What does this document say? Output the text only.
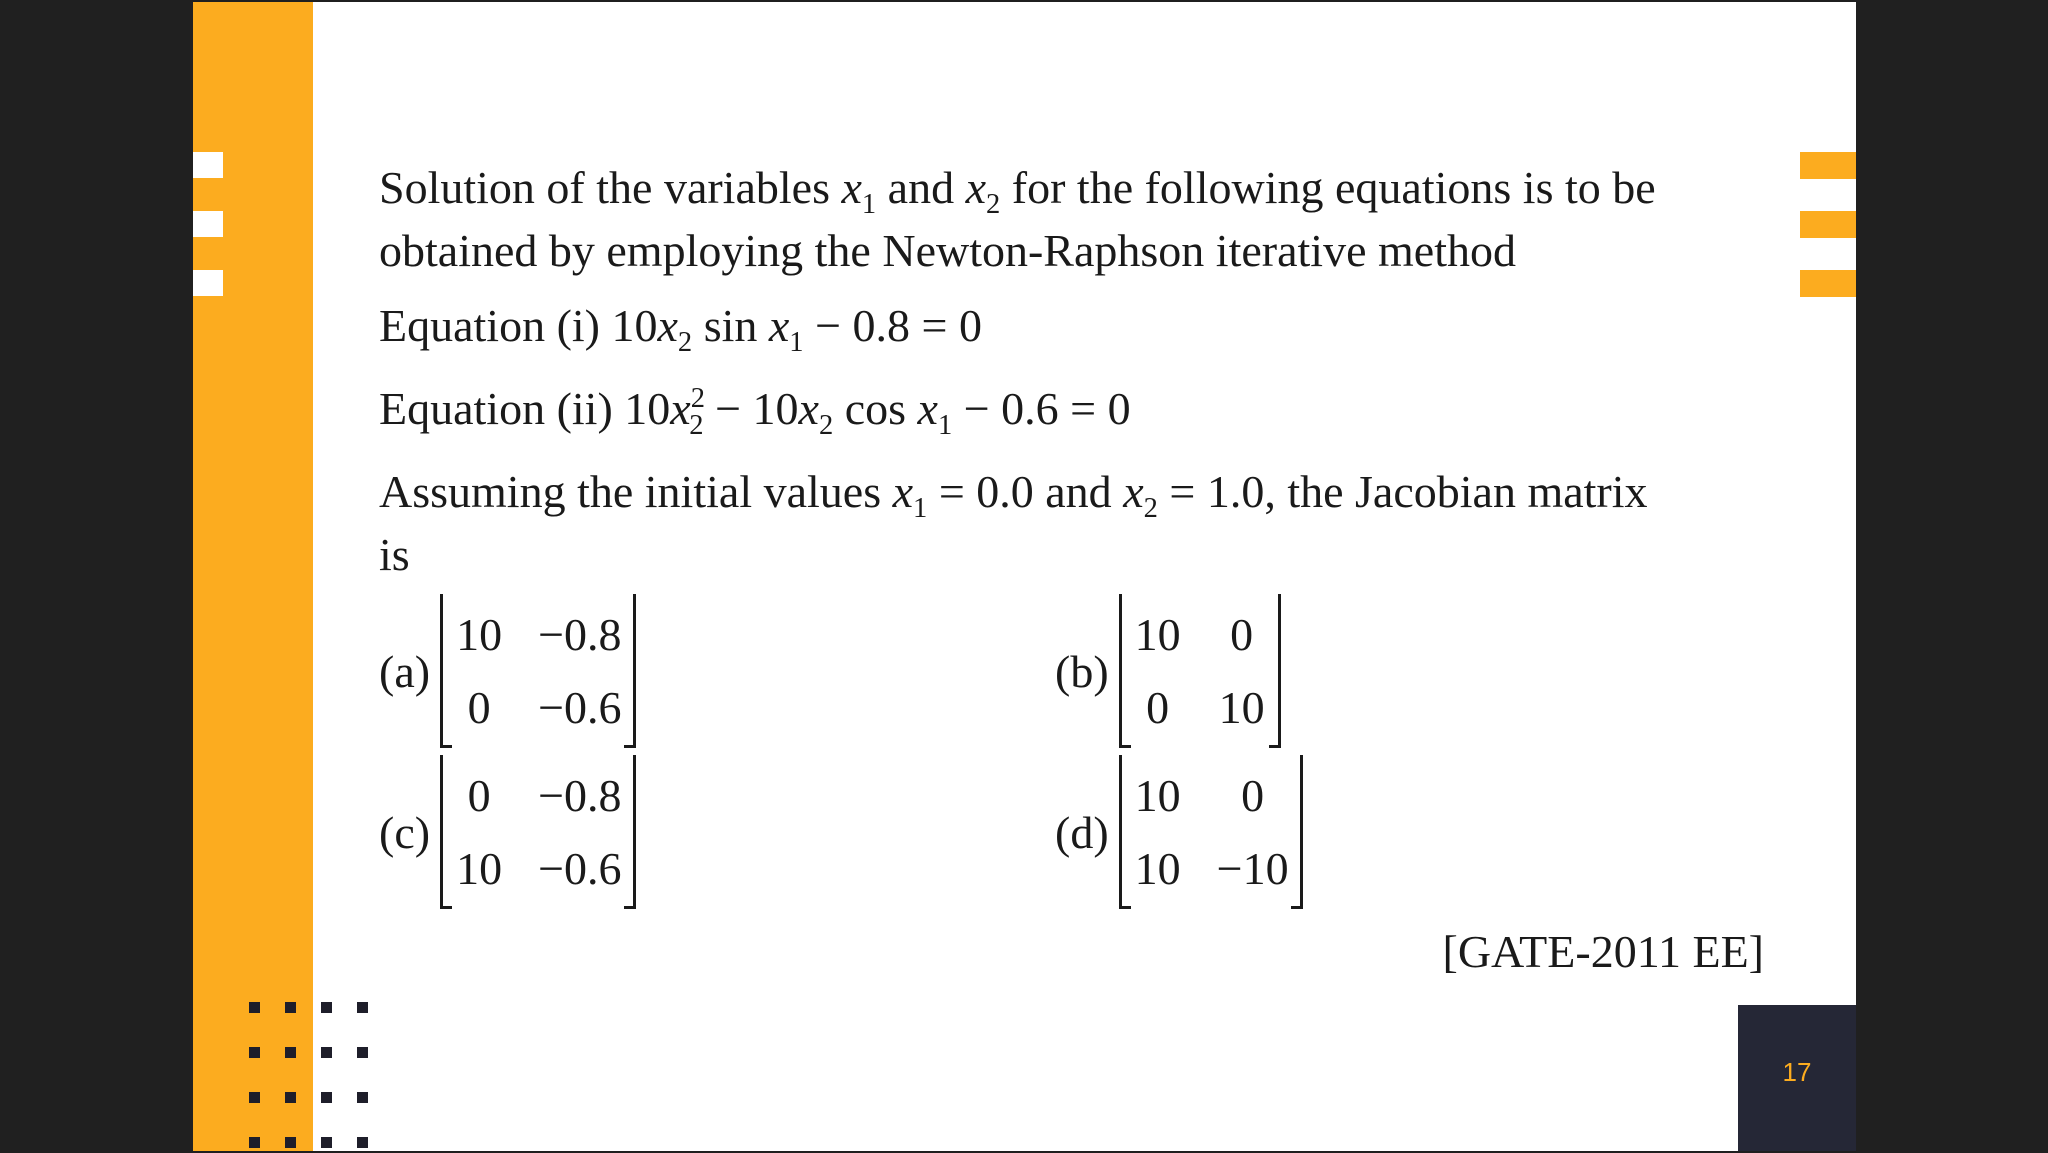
Solution of the variables $x_1$ and $x_2$ for the following equations is to be
obtained by employing the Newton-Raphson iterative method
Equation (i) $10x_2$ $\sin x_1 - 0.8 = 0$
Equation (ii) $10x^2_2 - 10x_2$ $\cos x_1 - 0.6 = 0$
Assuming the initial values $x_1 = 0.0$ and $x_2 = 1.0$, the Jacobian matrix
is
(a)
10 −0.8
0 −0.6
(b)
10 0
0 10
(c)
0 −0.8
10 −0.6
(d)
10	0
10 −10
[GATE-2011 EE]
17
